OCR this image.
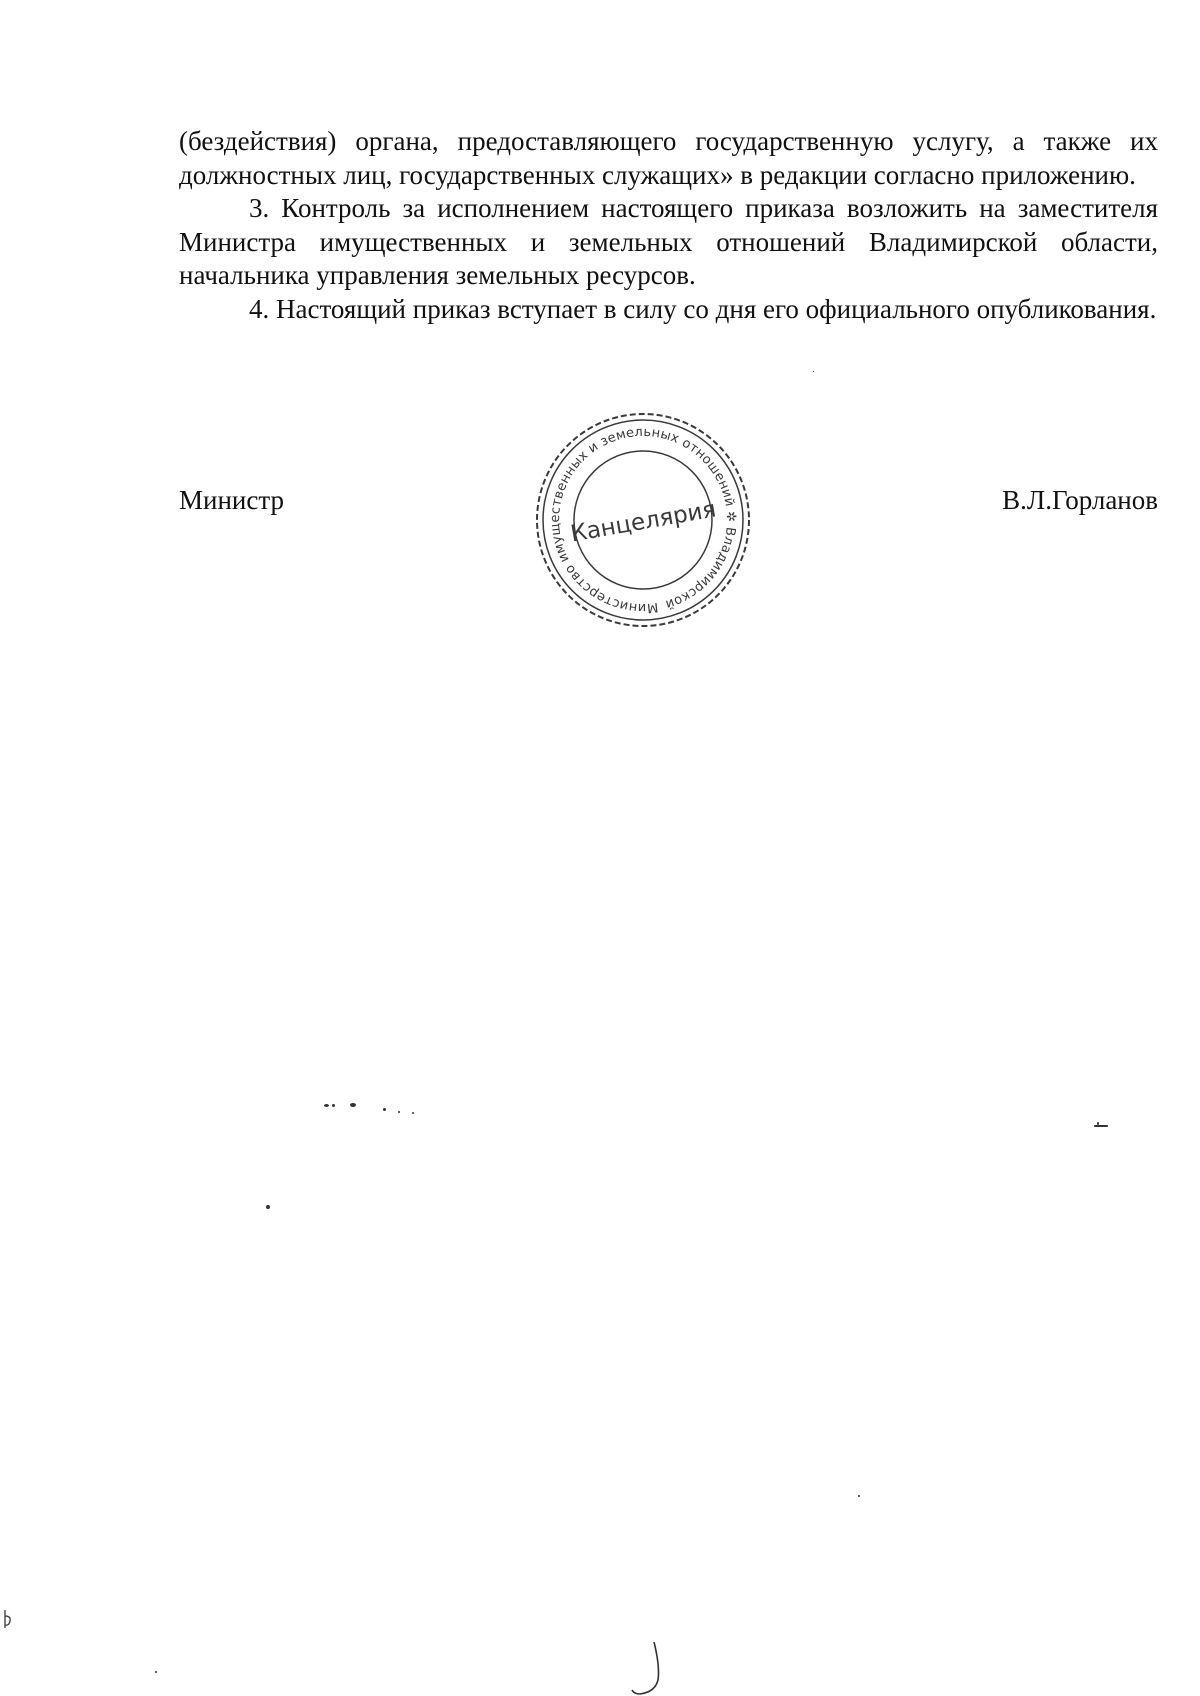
(бездействия) органа, предоставляющего государственную услугу, а также их должностных лиц, государственных служащих» в редакции согласно приложению.

3. Контроль за исполнением настоящего приказа возложить на заместителя Министра имущественных и земельных отношений Владимирской области, начальника управления земельных ресурсов.

4. Настоящий приказ вступает в силу со дня его официального опубликования.

Министр	В.Л.Горланов
Министерство имущественных и земельных отношений ✲ Владимирской
Канцелярия
